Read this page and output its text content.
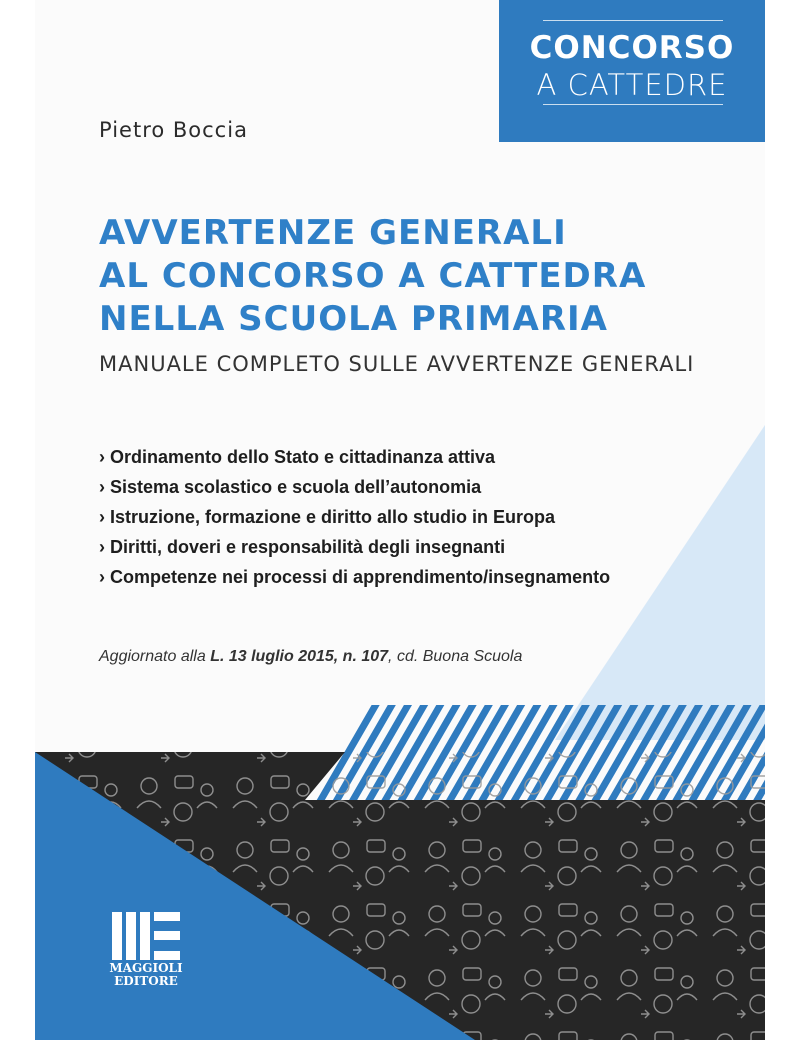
CONCORSO
A CATTEDRE
Pietro Boccia
AVVERTENZE GENERALI
AL CONCORSO A CATTEDRA
NELLA SCUOLA PRIMARIA
MANUALE COMPLETO SULLE AVVERTENZE GENERALI
› Ordinamento dello Stato e cittadinanza attiva
› Sistema scolastico e scuola dell’autonomia
› Istruzione, formazione e diritto allo studio in Europa
› Diritti, doveri e responsabilità degli insegnanti
› Competenze nei processi di apprendimento/insegnamento
Aggiornato alla L. 13 luglio 2015, n. 107, cd. Buona Scuola
MAGGIOLI
EDITORE
